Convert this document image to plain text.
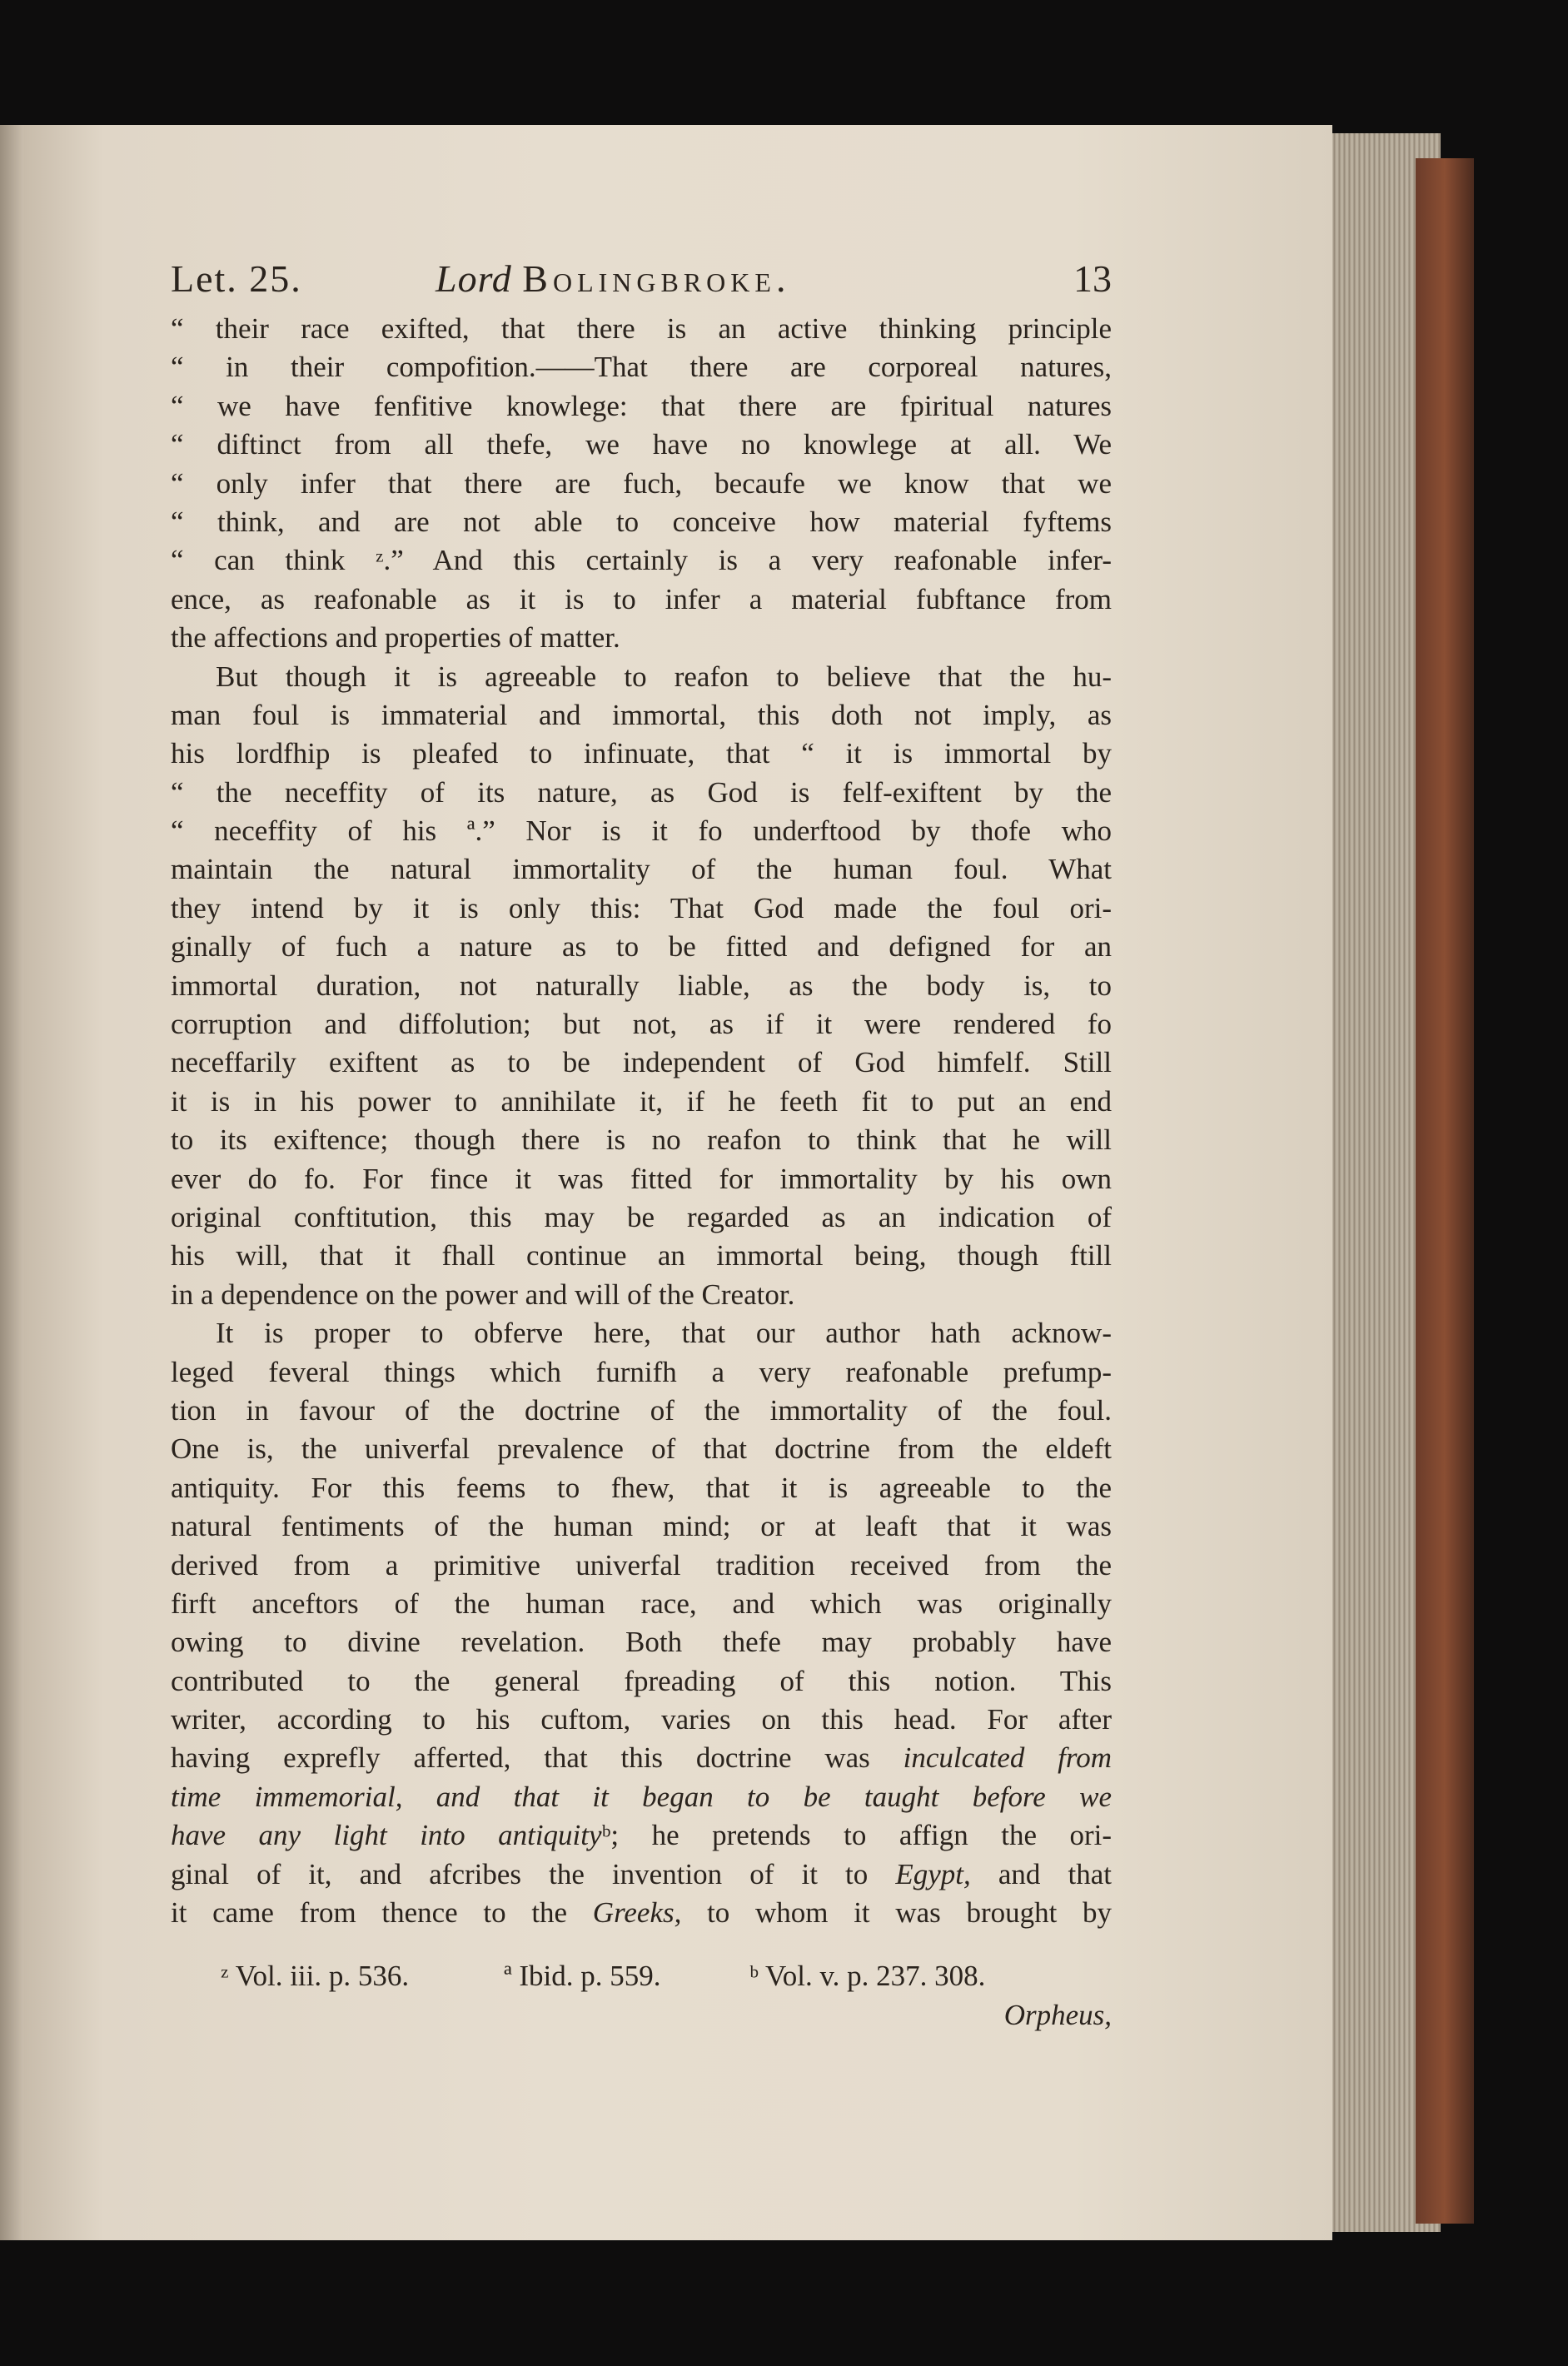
Let. 25.	Lord Bolingbroke.	13
“ their race exifted, that there is an active thinking principle
“ in their compofition.——That there are corporeal natures,
“ we have fenfitive knowlege: that there are fpiritual natures
“ diftinct from all thefe, we have no knowlege at all. We
“ only infer that there are fuch, becaufe we know that we
“ think, and are not able to conceive how material fyftems
“ can think ᶻ.” And this certainly is a very reafonable infer-
ence, as reafonable as it is to infer a material fubftance from
the affections and properties of matter.
But though it is agreeable to reafon to believe that the hu-
man foul is immaterial and immortal, this doth not imply, as
his lordfhip is pleafed to infinuate, that “ it is immortal by
“ the neceffity of its nature, as God is felf-exiftent by the
“ neceffity of his ª.” Nor is it fo underftood by thofe who
maintain the natural immortality of the human foul. What
they intend by it is only this: That God made the foul ori-
ginally of fuch a nature as to be fitted and defigned for an
immortal duration, not naturally liable, as the body is, to
corruption and diffolution; but not, as if it were rendered fo
neceffarily exiftent as to be independent of God himfelf. Still
it is in his power to annihilate it, if he feeth fit to put an end
to its exiftence; though there is no reafon to think that he will
ever do fo. For fince it was fitted for immortality by his own
original conftitution, this may be regarded as an indication of
his will, that it fhall continue an immortal being, though ftill
in a dependence on the power and will of the Creator.
It is proper to obferve here, that our author hath acknow-
leged feveral things which furnifh a very reafonable prefump-
tion in favour of the doctrine of the immortality of the foul.
One is, the univerfal prevalence of that doctrine from the eldeft
antiquity. For this feems to fhew, that it is agreeable to the
natural fentiments of the human mind; or at leaft that it was
derived from a primitive univerfal tradition received from the
firft anceftors of the human race, and which was originally
owing to divine revelation. Both thefe may probably have
contributed to the general fpreading of this notion. This
writer, according to his cuftom, varies on this head. For after
having exprefly afferted, that this doctrine was inculcated from
time immemorial, and that it began to be taught before we
have any light into antiquityᵇ; he pretends to affign the ori-
ginal of it, and afcribes the invention of it to Egypt, and that
it came from thence to the Greeks, to whom it was brought by
ᶻ Vol. iii. p. 536.	ª Ibid. p. 559.	ᵇ Vol. v. p. 237. 308.
Orpheus,
